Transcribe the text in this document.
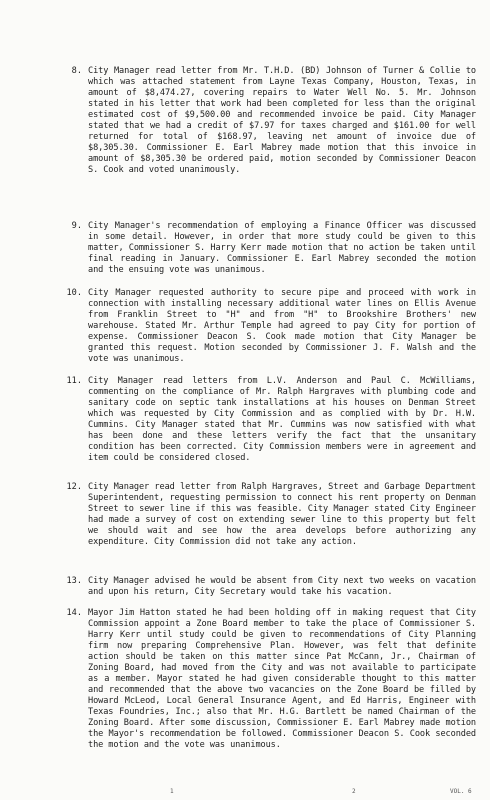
8. City Manager read letter from Mr. T.H.D. (BD) Johnson of Turner & Collie to which was attached statement from Layne Texas Company, Houston, Texas, in amount of $8,474.27, covering repairs to Water Well No. 5. Mr. Johnson stated in his letter that work had been completed for less than the original estimated cost of $9,500.00 and recommended invoice be paid. City Manager stated that we had a credit of $7.97 for taxes charged and $161.00 for well returned for total of $168.97, leaving net amount of invoice due of $8,305.30. Commissioner E. Earl Mabrey made motion that this invoice in amount of $8,305.30 be ordered paid, motion seconded by Commissioner Deacon S. Cook and voted unanimously.
9. City Manager's recommendation of employing a Finance Officer was discussed in some detail. However, in order that more study could be given to this matter, Commissioner S. Harry Kerr made motion that no action be taken until final reading in January. Commissioner E. Earl Mabrey seconded the motion and the ensuing vote was unanimous.
10. City Manager requested authority to secure pipe and proceed with work in connection with installing necessary additional water lines on Ellis Avenue from Franklin Street to "H" and from "H" to Brookshire Brothers' new warehouse. Stated Mr. Arthur Temple had agreed to pay City for portion of expense. Commissioner Deacon S. Cook made motion that City Manager be granted this request. Motion seconded by Commissioner J. F. Walsh and the vote was unanimous.
11. City Manager read letters from L.V. Anderson and Paul C. McWilliams, commenting on the compliance of Mr. Ralph Hargraves with plumbing code and sanitary code on septic tank installations at his houses on Denman Street which was requested by City Commission and as complied with by Dr. H.W. Cummins. City Manager stated that Mr. Cummins was now satisfied with what has been done and these letters verify the fact that the unsanitary condition has been corrected. City Commission members were in agreement and item could be considered closed.
12. City Manager read letter from Ralph Hargraves, Street and Garbage Department Superintendent, requesting permission to connect his rent property on Denman Street to sewer line if this was feasible. City Manager stated City Engineer had made a survey of cost on extending sewer line to this property but felt we should wait and see how the area develops before authorizing any expenditure. City Commission did not take any action.
13. City Manager advised he would be absent from City next two weeks on vacation and upon his return, City Secretary would take his vacation.
14. Mayor Jim Hatton stated he had been holding off in making request that City Commission appoint a Zone Board member to take the place of Commissioner S. Harry Kerr until study could be given to recommendations of City Planning firm now preparing Comprehensive Plan. However, was felt that definite action should be taken on this matter since Pat McCann, Jr., Chairman of Zoning Board, had moved from the City and was not available to participate as a member. Mayor stated he had given considerable thought to this matter and recommended that the above two vacancies on the Zone Board be filled by Howard McLeod, Local General Insurance Agent, and Ed Harris, Engineer with Texas Foundries, Inc.; also that Mr. H.G. Bartlett be named Chairman of the Zoning Board. After some discussion, Commissioner E. Earl Mabrey made motion the Mayor's recommendation be followed. Commissioner Deacon S. Cook seconded the motion and the vote was unanimous.
1	2	VOL. 6
